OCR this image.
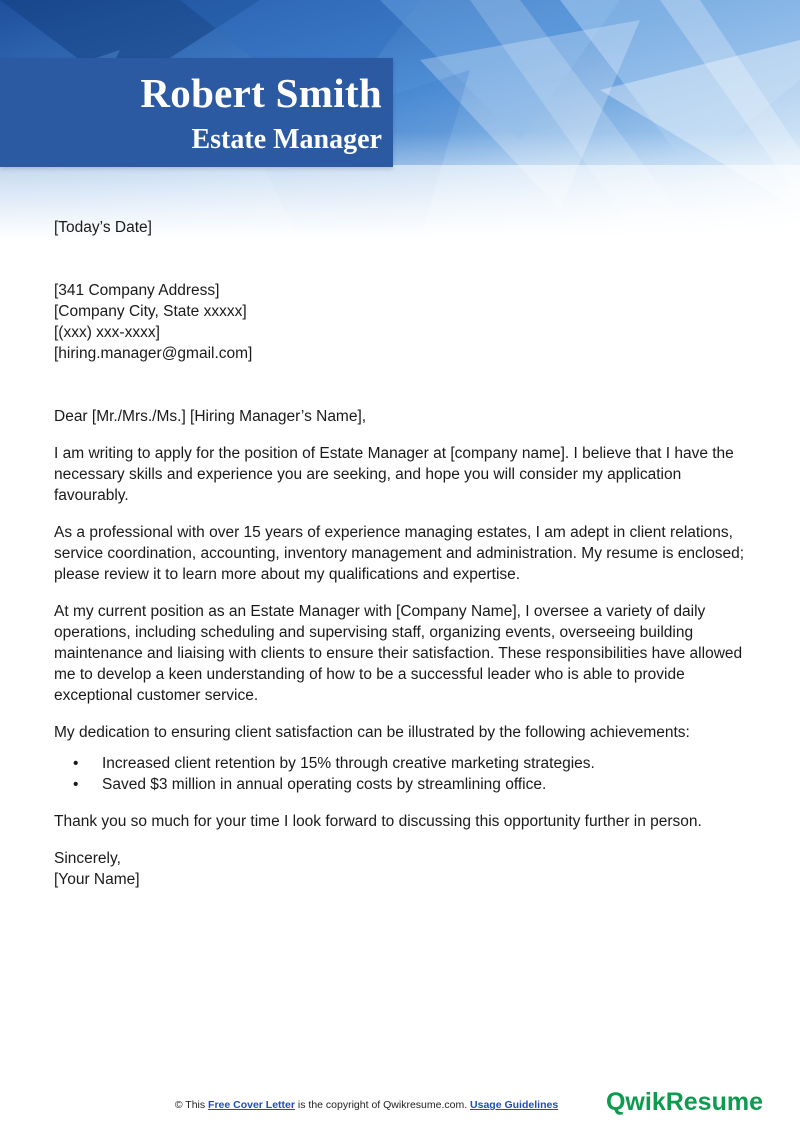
Robert Smith
Estate Manager

[Today’s Date]

[341 Company Address]

[Company City, State xxxxx]

[(xxx) xxx-xxxx]

[hiring.manager@gmail.com]

Dear [Mr./Mrs./Ms.] [Hiring Manager’s Name],

I am writing to apply for the position of Estate Manager at [company name]. I believe that I have the necessary skills and experience you are seeking, and hope you will consider my application favourably.

As a professional with over 15 years of experience managing estates, I am adept in client relations, service coordination, accounting, inventory management and administration. My resume is enclosed; please review it to learn more about my qualifications and expertise.

At my current position as an Estate Manager with [Company Name], I oversee a variety of daily operations, including scheduling and supervising staff, organizing events, overseeing building maintenance and liaising with clients to ensure their satisfaction. These responsibilities have allowed me to develop a keen understanding of how to be a successful leader who is able to provide exceptional customer service.

My dedication to ensuring client satisfaction can be illustrated by the following achievements:

• Increased client retention by 15% through creative marketing strategies.
• Saved $3 million in annual operating costs by streamlining office.

Thank you so much for your time I look forward to discussing this opportunity further in person.

Sincerely,

[Your Name]

© This Free Cover Letter is the copyright of Qwikresume.com. Usage Guidelines	QwikResume
